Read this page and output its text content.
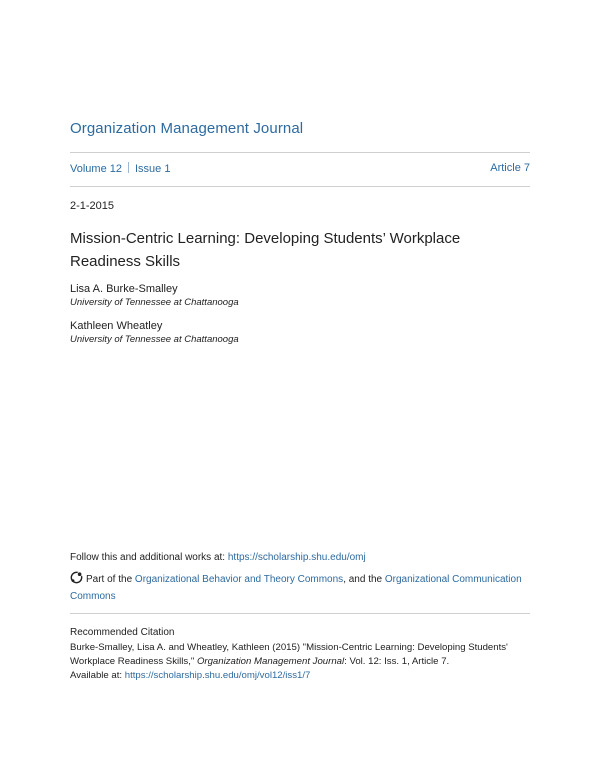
Organization Management Journal
Volume 12 Issue 1	Article 7
2-1-2015
Mission-Centric Learning: Developing Students’ Workplace Readiness Skills
Lisa A. Burke-Smalley
University of Tennessee at Chattanooga
Kathleen Wheatley
University of Tennessee at Chattanooga
Follow this and additional works at: https://scholarship.shu.edu/omj
Part of the Organizational Behavior and Theory Commons, and the Organizational Communication Commons
Recommended Citation
Burke-Smalley, Lisa A. and Wheatley, Kathleen (2015) "Mission-Centric Learning: Developing Students' Workplace Readiness Skills," Organization Management Journal: Vol. 12: Iss. 1, Article 7.
Available at: https://scholarship.shu.edu/omj/vol12/iss1/7
